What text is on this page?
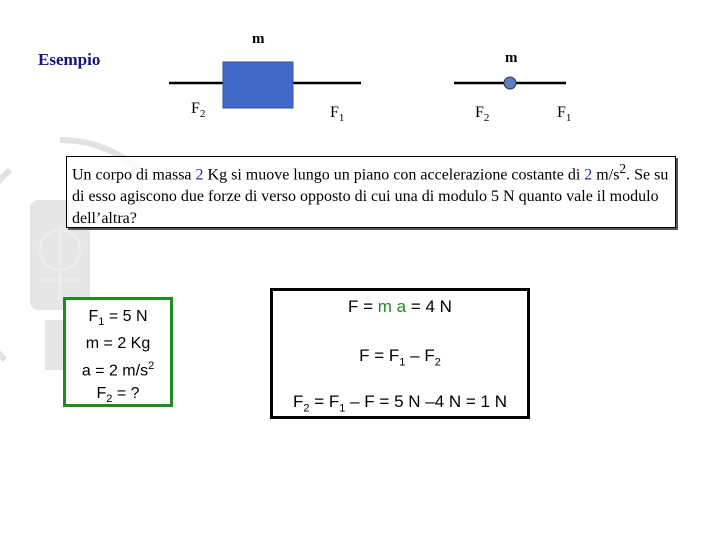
Esempio
m
$F_2$	$F_1$
m
$F_2$	$F_1$
Un corpo di massa 2 Kg si muove lungo un piano con accelerazione costante di 2 $m/s^2$. Se su di esso agiscono due forze di verso opposto di cui una di modulo 5 N quanto vale il modulo dell’altra?
$F_1 = 5$ N
m = 2 Kg
a = 2 $m/s^2$
$F_2$ = ?
F = m a = 4 N
$F = F_1 - F_2$
$F_2 = F_1 - F = 5$ N –4 N = 1 N
